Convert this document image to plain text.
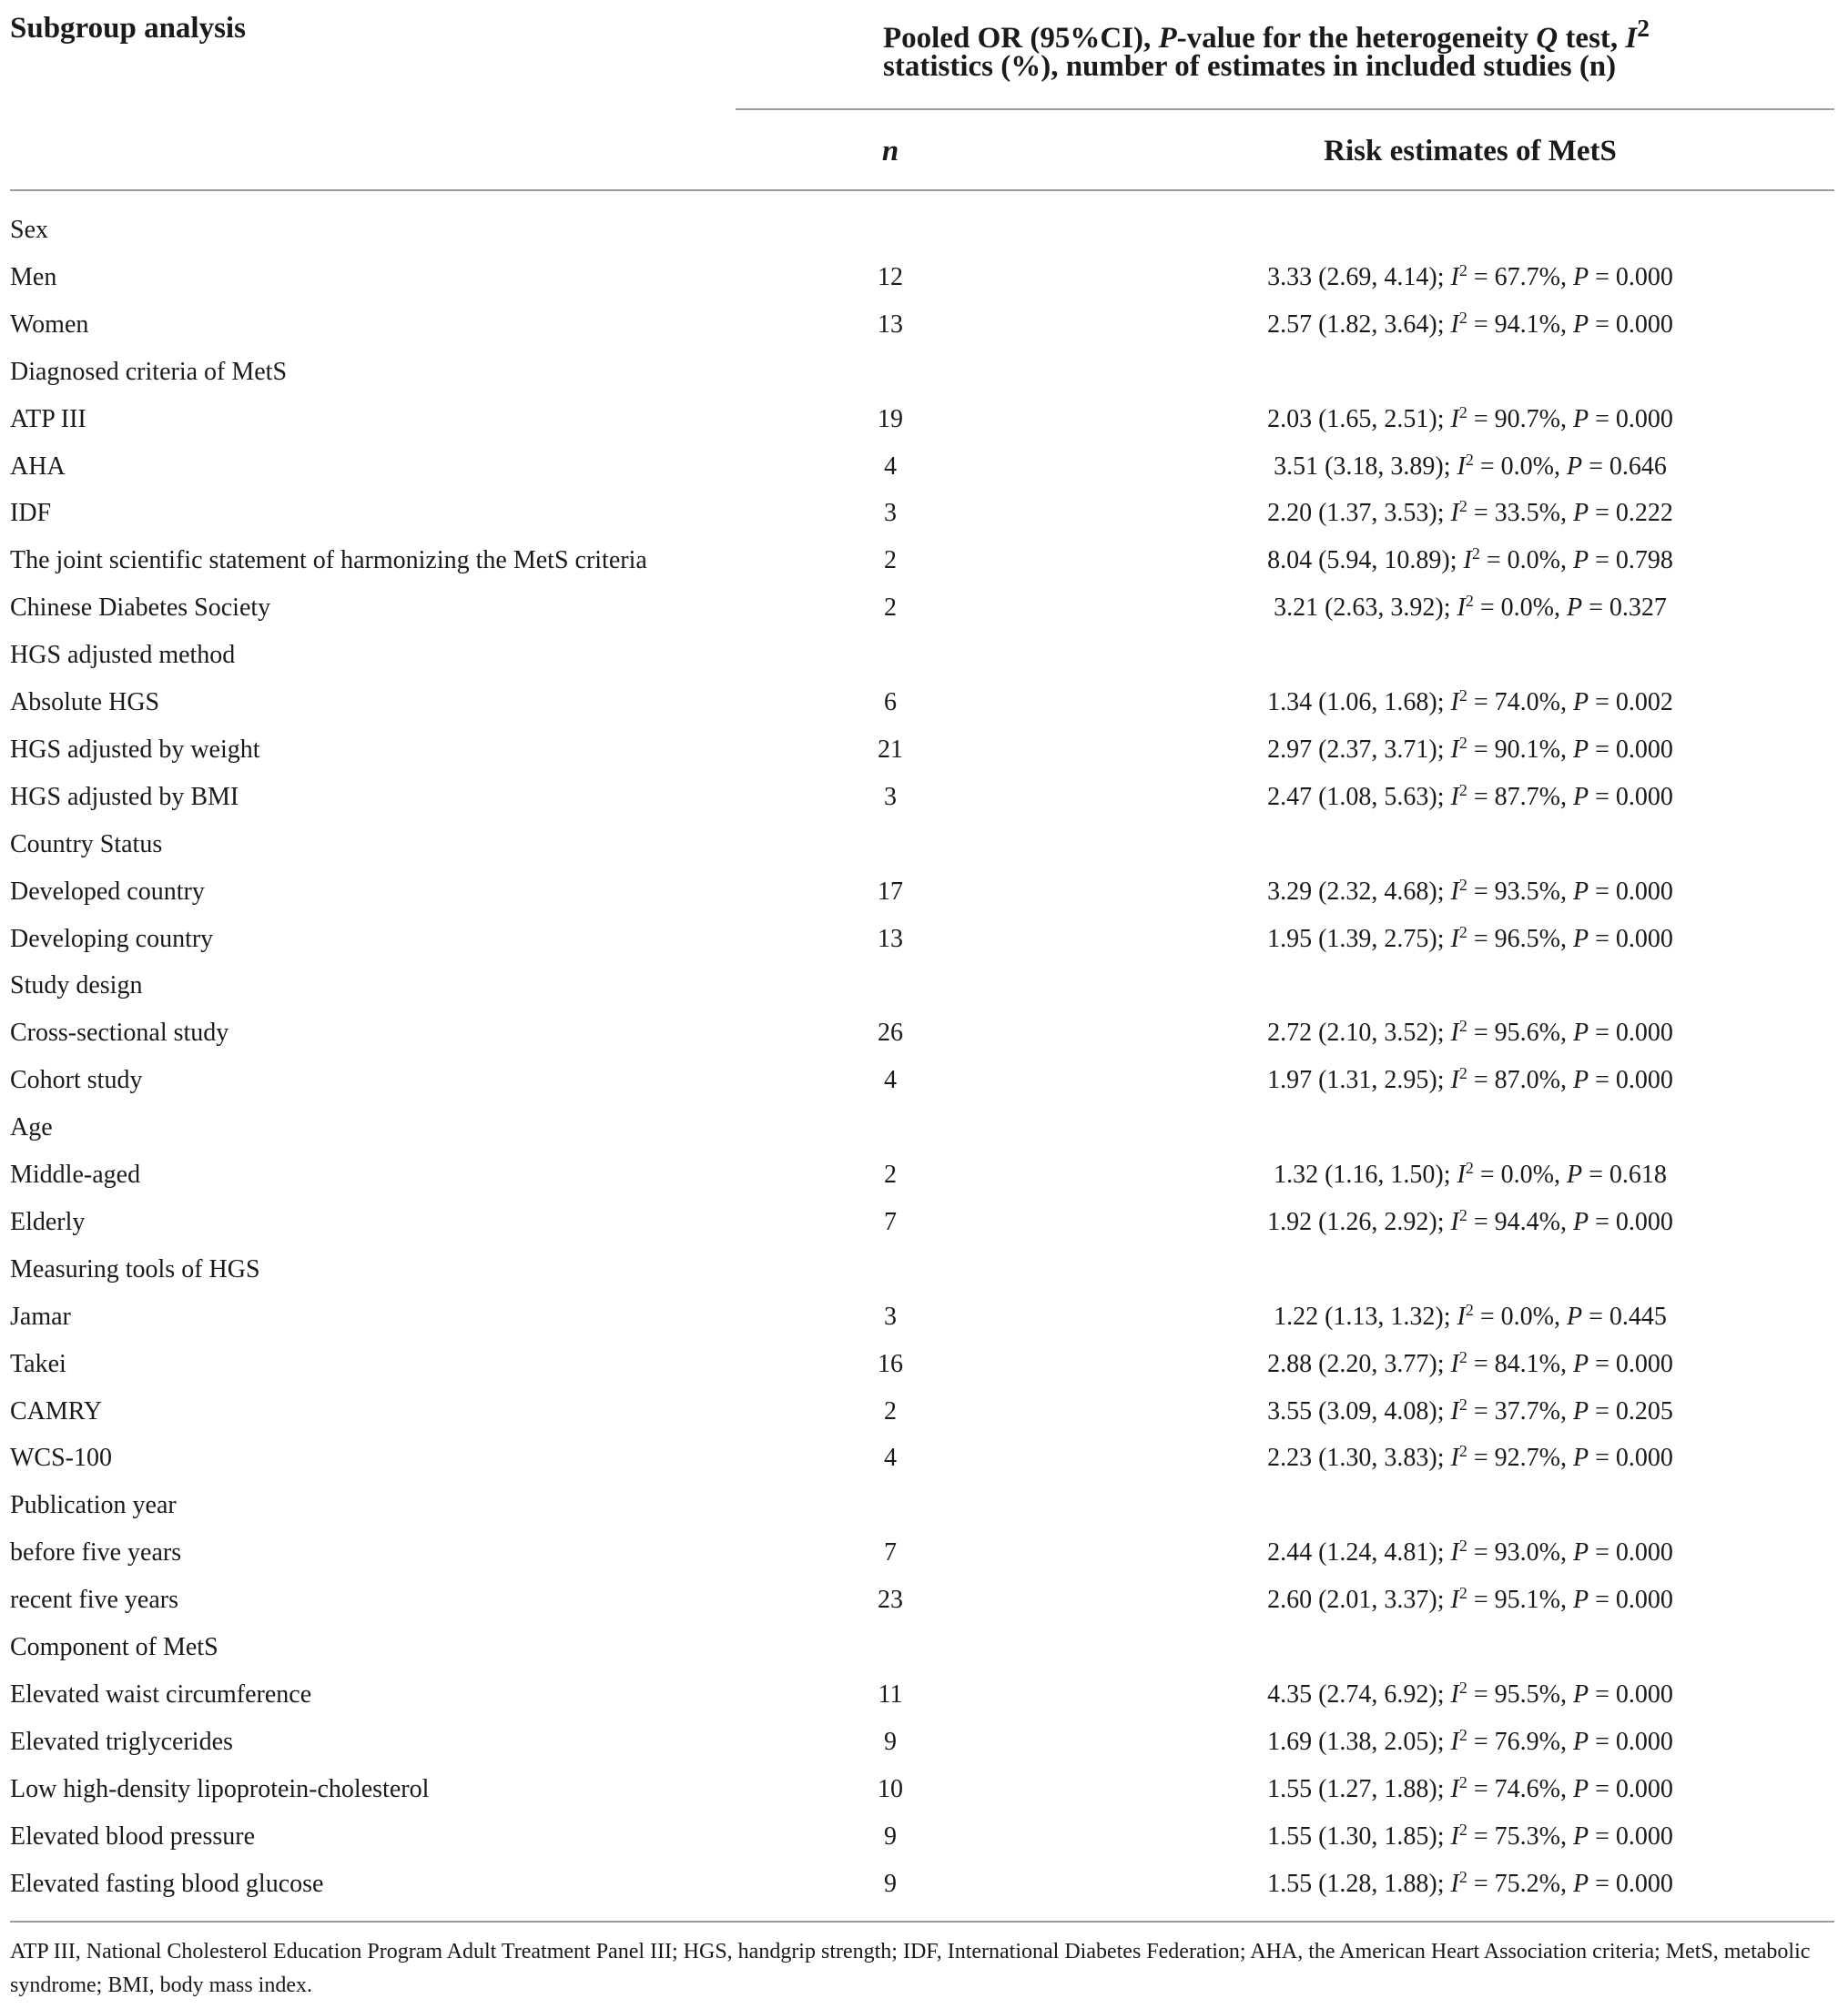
Subgroup analysis	Pooled OR (95%CI), P-value for the heterogeneity Q test, $I^2$
statistics (%), number of estimates in included studies (n)
n	Risk estimates of MetS
Sex
Men	12	3.33 (2.69, 4.14); $I^2 = 67.7\%$, P = 0.000
Women	13	2.57 (1.82, 3.64); $I^2 = 94.1\%$, P = 0.000
Diagnosed criteria of MetS
ATP III	19	2.03 (1.65, 2.51); $I^2 = 90.7\%$, P = 0.000
AHA	4	3.51 (3.18, 3.89); $I^2 = 0.0\%$, P = 0.646
IDF	3	2.20 (1.37, 3.53); $I^2 = 33.5\%$, P = 0.222
The joint scientific statement of harmonizing the MetS criteria	2	8.04 (5.94, 10.89); $I^2 = 0.0\%$, P = 0.798
Chinese Diabetes Society	2	3.21 (2.63, 3.92); $I^2 = 0.0\%$, P = 0.327
HGS adjusted method
Absolute HGS	6	1.34 (1.06, 1.68); $I^2 = 74.0\%$, P = 0.002
HGS adjusted by weight	21	2.97 (2.37, 3.71); $I^2 = 90.1\%$, P = 0.000
HGS adjusted by BMI	3	2.47 (1.08, 5.63); $I^2 = 87.7\%$, P = 0.000
Country Status
Developed country	17	3.29 (2.32, 4.68); $I^2 = 93.5\%$, P = 0.000
Developing country	13	1.95 (1.39, 2.75); $I^2 = 96.5\%$, P = 0.000
Study design
Cross-sectional study	26	2.72 (2.10, 3.52); $I^2 = 95.6\%$, P = 0.000
Cohort study	4	1.97 (1.31, 2.95); $I^2 = 87.0\%$, P = 0.000
Age
Middle-aged	2	1.32 (1.16, 1.50); $I^2 = 0.0\%$, P = 0.618
Elderly	7	1.92 (1.26, 2.92); $I^2 = 94.4\%$, P = 0.000
Measuring tools of HGS
Jamar	3	1.22 (1.13, 1.32); $I^2 = 0.0\%$, P = 0.445
Takei	16	2.88 (2.20, 3.77); $I^2 = 84.1\%$, P = 0.000
CAMRY	2	3.55 (3.09, 4.08); $I^2 = 37.7\%$, P = 0.205
WCS-100	4	2.23 (1.30, 3.83); $I^2 = 92.7\%$, P = 0.000
Publication year
before five years	7	2.44 (1.24, 4.81); $I^2 = 93.0\%$, P = 0.000
recent five years	23	2.60 (2.01, 3.37); $I^2 = 95.1\%$, P = 0.000
Component of MetS
Elevated waist circumference	11	4.35 (2.74, 6.92); $I^2 = 95.5\%$, P = 0.000
Elevated triglycerides	9	1.69 (1.38, 2.05); $I^2 = 76.9\%$, P = 0.000
Low high-density lipoprotein-cholesterol	10	1.55 (1.27, 1.88); $I^2 = 74.6\%$, P = 0.000
Elevated blood pressure	9	1.55 (1.30, 1.85); $I^2 = 75.3\%$, P = 0.000
Elevated fasting blood glucose	9	1.55 (1.28, 1.88); $I^2 = 75.2\%$, P = 0.000
ATP III, National Cholesterol Education Program Adult Treatment Panel III; HGS, handgrip strength; IDF, International Diabetes Federation; AHA, the American Heart Association criteria; MetS, metabolic syndrome; BMI, body mass index.
